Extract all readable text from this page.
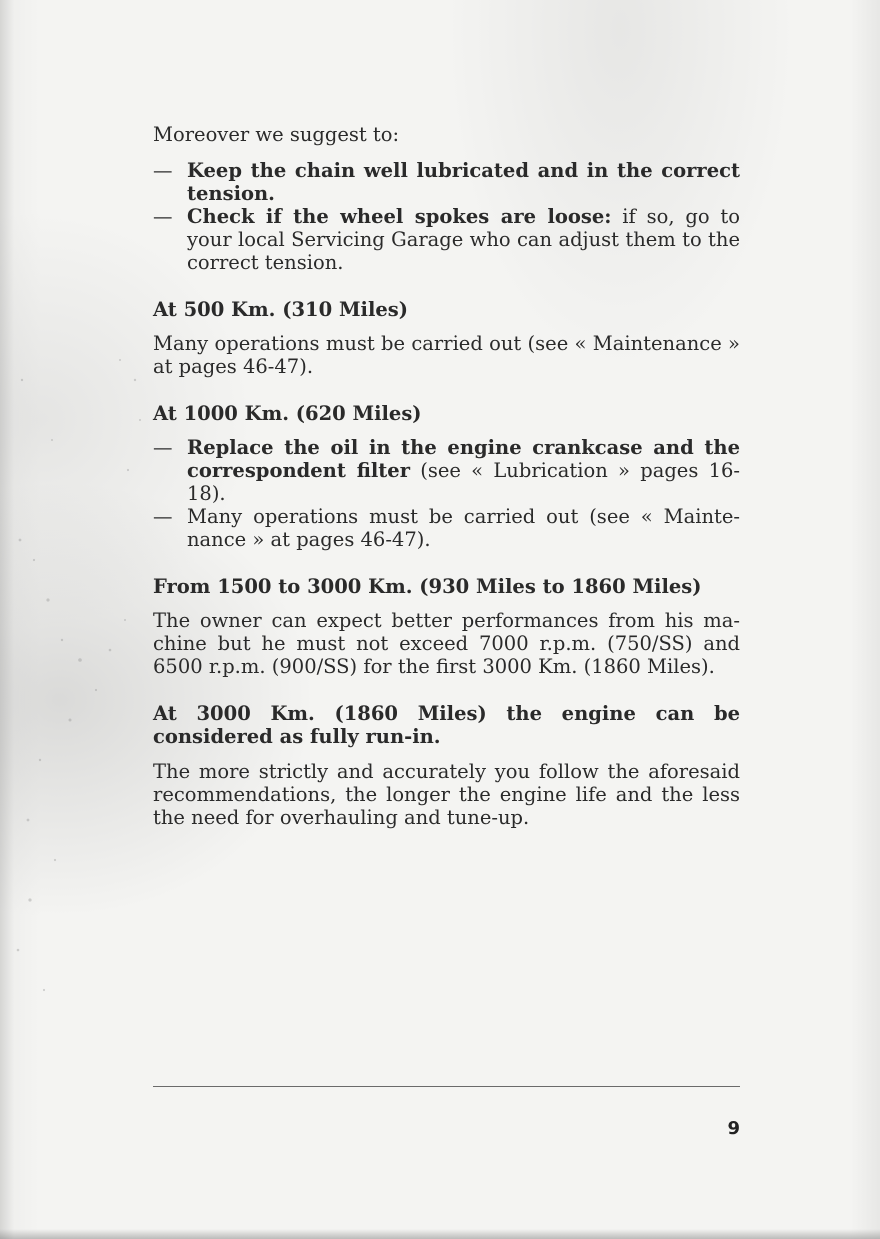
Moreover we suggest to:

— Keep the chain well lubricated and in the correct tension.

— Check if the wheel spokes are loose: if so, go to your local Servicing Garage who can adjust them to the correct tension.

At 500 Km. (310 Miles)

Many operations must be carried out (see « Maintenance » at pages 46-47).

At 1000 Km. (620 Miles)

— Replace the oil in the engine crankcase and the correspondent filter (see « Lubrication » pages 16-18).

— Many operations must be carried out (see « Maintenance » at pages 46-47).

From 1500 to 3000 Km. (930 Miles to 1860 Miles)

The owner can expect better performances from his machine but he must not exceed 7000 r.p.m. (750/SS) and 6500 r.p.m. (900/SS) for the first 3000 Km. (1860 Miles).

At 3000 Km. (1860 Miles) the engine can be considered as fully run-in.

The more strictly and accurately you follow the aforesaid recommendations, the longer the engine life and the less the need for overhauling and tune-up.

9
